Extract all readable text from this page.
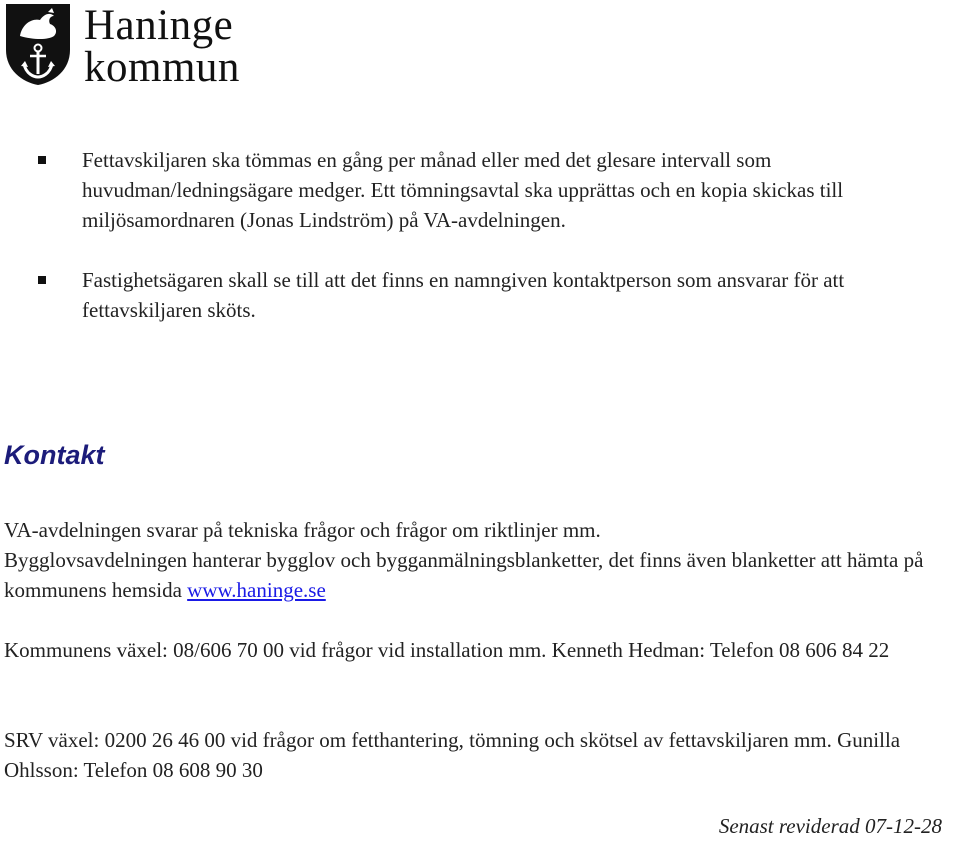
Haninge
kommun
Fettavskiljaren ska tömmas en gång per månad eller med det glesare intervall som huvudman/ledningsägare medger. Ett tömningsavtal ska upprättas och en kopia skickas till miljösamordnaren (Jonas Lindström) på VA-avdelningen.
Fastighetsägaren skall se till att det finns en namngiven kontaktperson som ansvarar för att fettavskiljaren sköts.
Kontakt
VA-avdelningen svarar på tekniska frågor och frågor om riktlinjer mm.
Bygglovsavdelningen hanterar bygglov och bygganmälningsblanketter, det finns även blanketter att hämta på kommunens hemsida www.haninge.se
Kommunens växel: 08/606 70 00 vid frågor vid installation mm. Kenneth Hedman: Telefon 08 606 84 22
SRV växel: 0200 26 46 00 vid frågor om fetthantering, tömning och skötsel av fettavskiljaren mm. Gunilla Ohlsson: Telefon 08 608 90 30
Senast reviderad 07-12-28
